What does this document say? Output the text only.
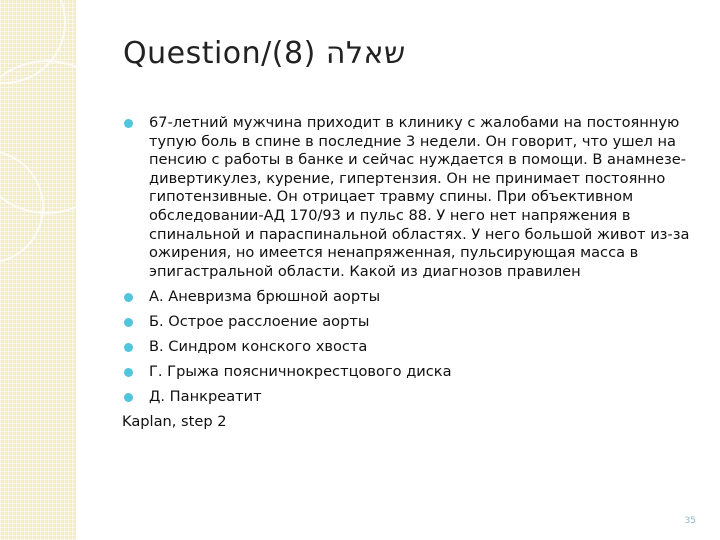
Question/שאלה (8)
67-летний мужчина приходит в клинику с жалобами на постоянную тупую боль в спине в последние 3 недели. Он говорит, что ушел на пенсию с работы в банке и сейчас нуждается в помощи. В анамнезе-дивертикулез, курение, гипертензия. Он не принимает постоянно гипотензивные. Он отрицает травму спины. При объективном обследовании-АД 170/93 и пульс 88. У него нет напряжения в спинальной и параспинальной областях. У него большой живот из-за ожирения, но имеется ненапряженная, пульсирующая масса в эпигастральной области. Какой из диагнозов правилен
А. Аневризма брюшной аорты
Б. Острое расслоение аорты
В. Синдром конского хвоста
Г. Грыжа поясничнокрестцового диска
Д. Панкреатит
Kaplan, step 2
35
